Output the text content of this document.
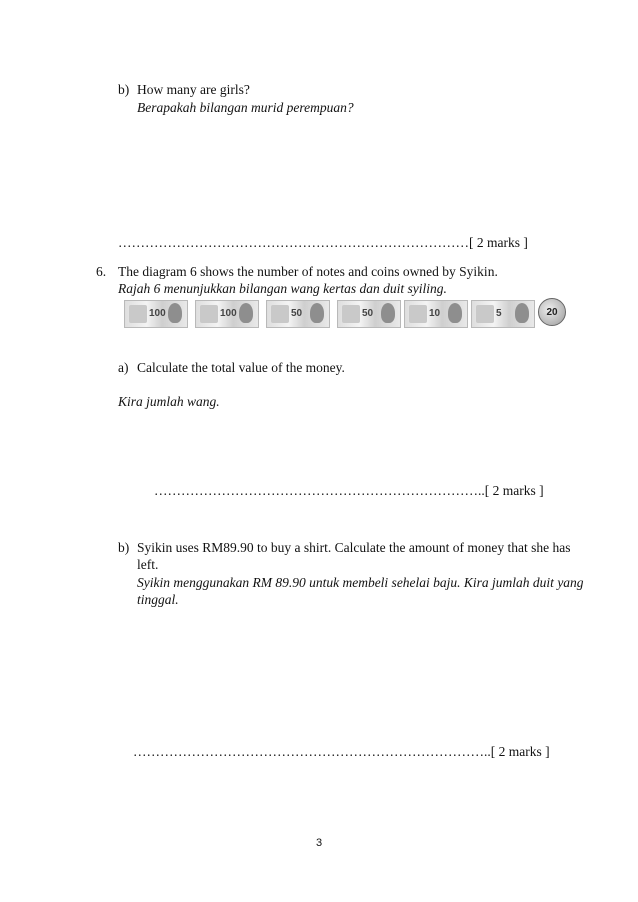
b) How many are girls?
Berapakah bilangan murid perempuan?
……………………………………………………………………[ 2 marks ]
6. The diagram 6 shows the number of notes and coins owned by Syikin.
Rajah 6 menunjukkan bilangan wang kertas dan duit syiling.
100	100	50	50	10	5	20
a) Calculate the total value of the money.
Kira jumlah wang.
………………………………………………………………..[ 2 marks ]
b) Syikin uses RM89.90 to buy a shirt. Calculate the amount of money that she has
left.
Syikin menggunakan RM 89.90 untuk membeli sehelai baju. Kira jumlah duit yang
tinggal.
……………………………………………………………………..[ 2 marks ]
3
